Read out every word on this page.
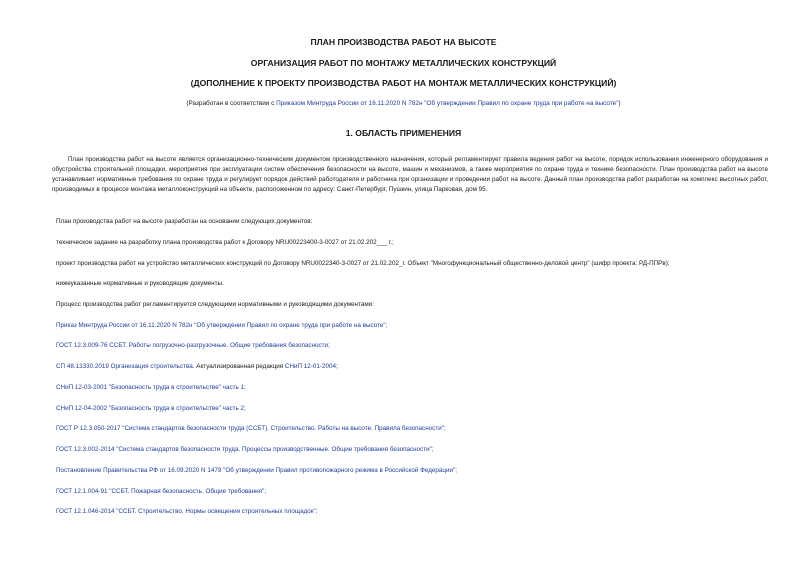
ПЛАН ПРОИЗВОДСТВА РАБОТ НА ВЫСОТЕ
ОРГАНИЗАЦИЯ РАБОТ ПО МОНТАЖУ МЕТАЛЛИЧЕСКИХ КОНСТРУКЦИЙ
(ДОПОЛНЕНИЕ К ПРОЕКТУ ПРОИЗВОДСТВА РАБОТ НА МОНТАЖ МЕТАЛЛИЧЕСКИХ КОНСТРУКЦИЙ)
(Разработан в соответствии с Приказом Минтруда России от 16.11.2020 N 782н "Об утверждении Правил по охране труда при работе на высоте")
1. ОБЛАСТЬ ПРИМЕНЕНИЯ
План производства работ на высоте является организационно-техническим документом производственного назначения, который регламентирует правила ведения работ на высоте, порядок использования инженерного оборудования и обустройства строительной площадки, мероприятия при эксплуатации систем обеспечения безопасности на высоте, машин и механизмов, а также мероприятия по охране труда и технике безопасности. План производства работ на высоте устанавливает нормативные требования по охране труда и регулирует порядок действий работодателя и работника при организации и проведении работ на высоте. Данный план производства работ разработан на комплекс высотных работ, производимых в процессе монтажа металлоконструкций на объекте, расположенном по адресу: Санкт-Петербург, Пушкин, улица Парковая, дом 95.
План производства работ на высоте разработан на основании следующих документов:
техническое задание на разработку плана производства работ к Договору NRU00223400-3-0027 от 21.02.202___ г.;
проект производства работ на устройство металлических конструкций по Договору NRU0022340-3-0027 от 21.02.202_г. Объект "Многофункциональный общественно-деловой центр" (шифр проекта: РД-ППРв);
нижеуказанные нормативные и руководящие документы.
Процесс производства работ регламентируется следующими нормативными и руководящими документами:
Приказ Минтруда России от 16.11.2020 N 782н "Об утверждении Правил по охране труда при работе на высоте";
ГОСТ 12.3.009-76 ССБТ. Работы погрузочно-разгрузочные. Общие требования безопасности;
СП 48.13330.2019 Организация строительства. Актуализированная редакция СНиП 12-01-2004;
СНиП 12-03-2001 "Безопасность труда в строительстве" часть 1;
СНиП 12-04-2002 "Безопасность труда в строительстве" часть 2;
ГОСТ Р 12.3.050-2017 "Система стандартов безопасности труда (ССБТ). Строительство. Работы на высоте. Правила безопасности";
ГОСТ 12.3.002-2014 "Система стандартов безопасности труда. Процессы производственные. Общие требования безопасности";
Постановление Правительства РФ от 16.09.2020 N 1479 "Об утверждении Правил противопожарного режима в Российской Федерации";
ГОСТ 12.1.004-91 "ССБТ. Пожарная безопасность. Общие требования";
ГОСТ 12.1.046-2014 "ССБТ. Строительство. Нормы освещения строительных площадок";
